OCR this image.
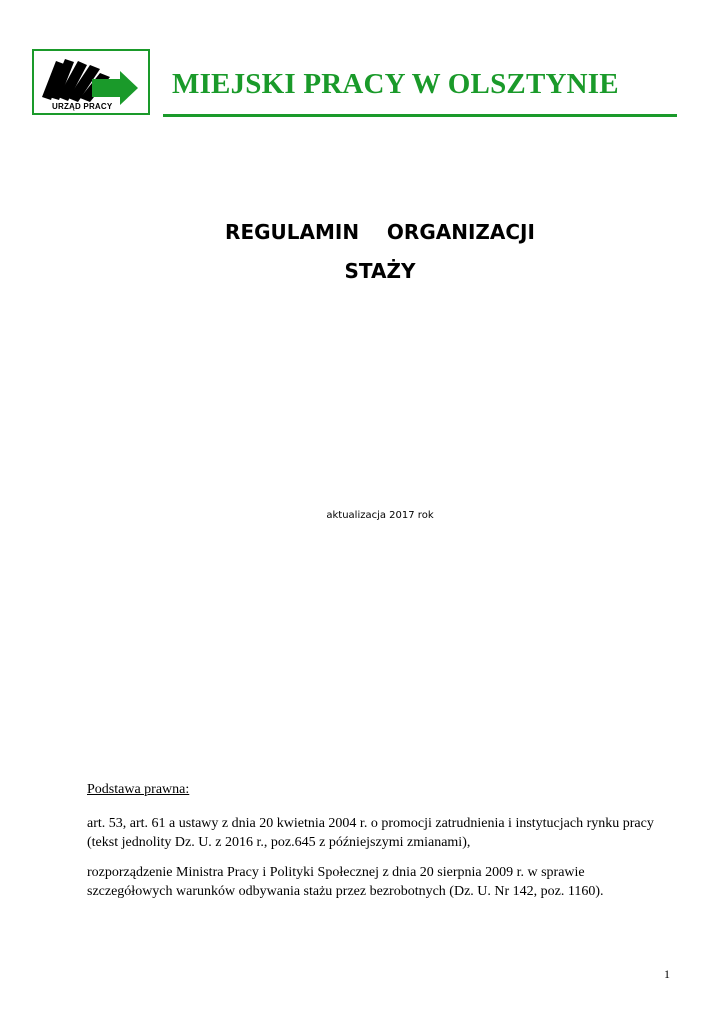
URZĄD PRACY
MIEJSKI PRACY W OLSZTYNIE
REGULAMIN    ORGANIZACJI
STAŻY
aktualizacja 2017 rok
Podstawa prawna:
art. 53, art. 61 a ustawy z dnia 20 kwietnia 2004 r. o promocji zatrudnienia i instytucjach rynku pracy (tekst jednolity Dz. U. z 2016 r., poz.645 z późniejszymi zmianami),
rozporządzenie Ministra Pracy i Polityki Społecznej z dnia 20 sierpnia 2009 r. w sprawie szczegółowych warunków odbywania stażu przez bezrobotnych (Dz. U. Nr 142, poz. 1160).
1
